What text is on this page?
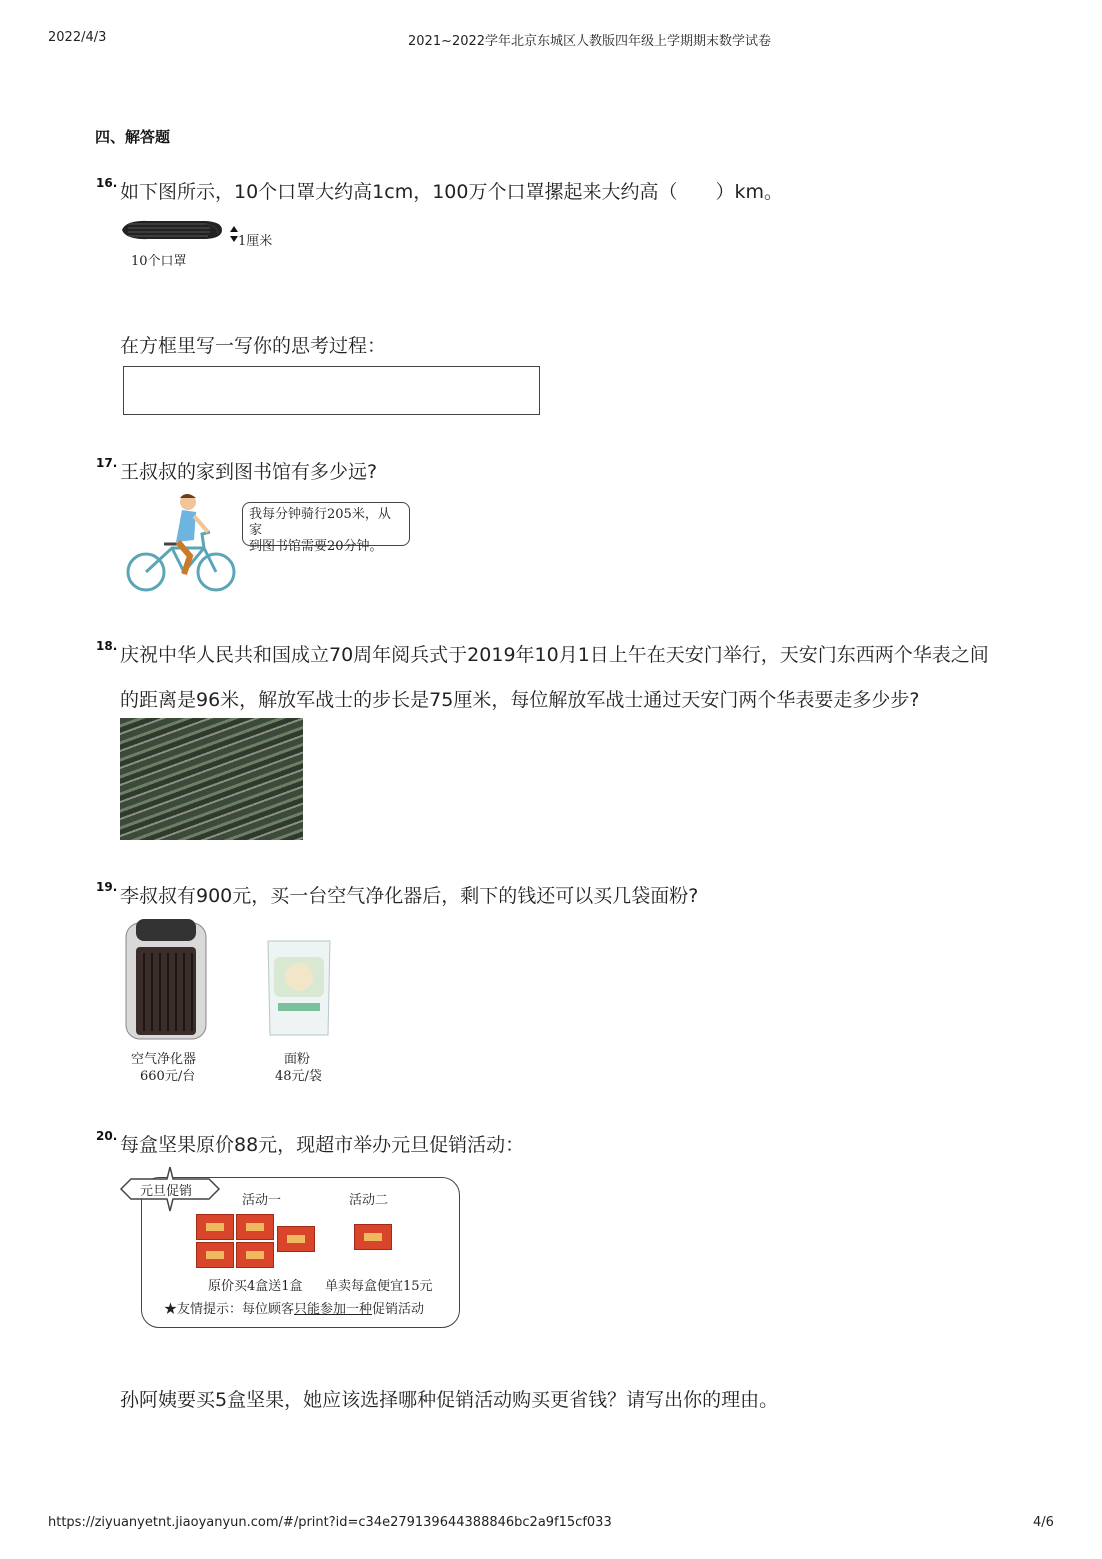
2022/4/3	2021~2022学年北京东城区人教版四年级上学期期末数学试卷
四、解答题
16. 如下图所示，10个口罩大约高1cm，100万个口罩摞起来大约高（　　）km。
1厘米
10个口罩
在方框里写一写你的思考过程：
17. 王叔叔的家到图书馆有多少远?
我每分钟骑行205米，从家
到图书馆需要20分钟。
18. 庆祝中华人民共和国成立70周年阅兵式于2019年10月1日上午在天安门举行，天安门东西两个华表之间
的距离是96米，解放军战士的步长是75厘米，每位解放军战士通过天安门两个华表要走多少步?
19. 李叔叔有900元，买一台空气净化器后，剩下的钱还可以买几袋面粉?
空气净化器
660元/台
面粉
48元/袋
20. 每盒坚果原价88元，现超市举办元旦促销活动：
元旦促销
活动一	活动二
原价买4盒送1盒 单卖每盒便宜15元
★友情提示：每位顾客只能参加一种促销活动
孙阿姨要买5盒坚果，她应该选择哪种促销活动购买更省钱？请写出你的理由。
https://ziyuanyetnt.jiaoyanyun.com/#/print?id=c34e279139644388846bc2a9f15cf033	4/6
